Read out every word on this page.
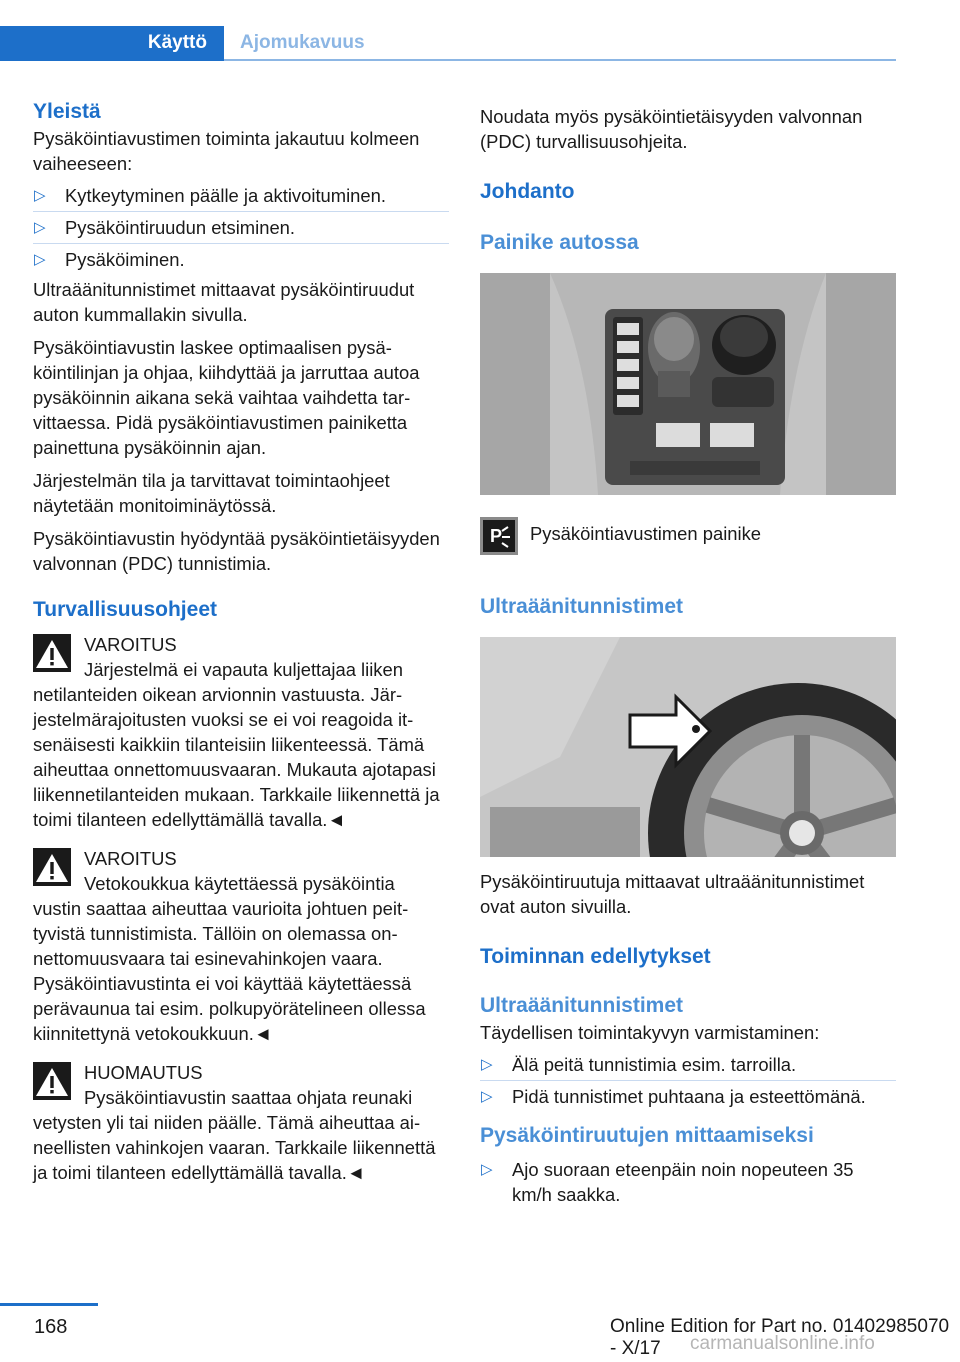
Käyttö Ajomukavuus
Yleistä

Pysäköintiavustimen toiminta jakautuu kolmeen vaiheeseen:

▷ Kytkeytyminen päälle ja aktivoituminen.
▷ Pysäköintiruudun etsiminen.
▷ Pysäköiminen.

Ultraäänitunnistimet mittaavat pysäköintiruudut auton kummallakin sivulla.

Pysäköintiavustin laskee optimaalisen pysäköintilinjan ja ohjaa, kiihdyttää ja jarruttaa autoa pysäköinnin aikana sekä vaihtaa vaihdetta tarvittaessa. Pidä pysäköintiavustimen painiketta painettuna pysäköinnin ajan.

Järjestelmän tila ja tarvittavat toimintaohjeet näytetään monitoiminäytössä.

Pysäköintiavustin hyödyntää pysäköintietäisyyden valvonnan (PDC) tunnistimia.

Turvallisuusohjeet
VAROITUS
Järjestelmä ei vapauta kuljettajaa liiken
netilanteiden oikean arvionnin vastuusta. Järjestelmärajoitusten vuoksi se ei voi reagoida itsenäisesti kaikkiin tilanteisiin liikenteessä. Tämä aiheuttaa onnettomuusvaaran. Mukauta ajotapasi liikennetilanteiden mukaan. Tarkkaile liikennettä ja toimi tilanteen edellyttämällä tavalla.◄
VAROITUS
Vetokoukkua käytettäessä pysäköintia
vustin saattaa aiheuttaa vaurioita johtuen peittyvistä tunnistimista. Tällöin on olemassa onnettomuusvaara tai esinevahinkojen vaara. Pysäköintiavustinta ei voi käyttää käytettäessä perävaunua tai esim. polkupyörätelineen ollessa kiinnitettynä vetokoukkuun.◄
HUOMAUTUS
Pysäköintiavustin saattaa ohjata reunaki
vetysten yli tai niiden päälle. Tämä aiheuttaa aineellisten vahinkojen vaaran. Tarkkaile liikennettä ja toimi tilanteen edellyttämällä tavalla.◄

Noudata myös pysäköintietäisyyden valvonnan (PDC) turvallisuusohjeita.

Johdanto
Painike autossa
P Pysäköintiavustimen painike
Ultraäänitunnistimet

Pysäköintiruutuja mittaavat ultraäänitunnistimet ovat auton sivuilla.

Toiminnan edellytykset
Ultraäänitunnistimet

Täydellisen toimintakyvyn varmistaminen:

▷ Älä peitä tunnistimia esim. tarroilla.
▷ Pidä tunnistimet puhtaana ja esteettömänä.
Pysäköintiruutujen mittaamiseksi
▷ Ajo suoraan eteenpäin noin nopeuteen 35 km/h saakka.
168	Online Edition for Part no. 01402985070 - X/17	carmanualsonline.info
